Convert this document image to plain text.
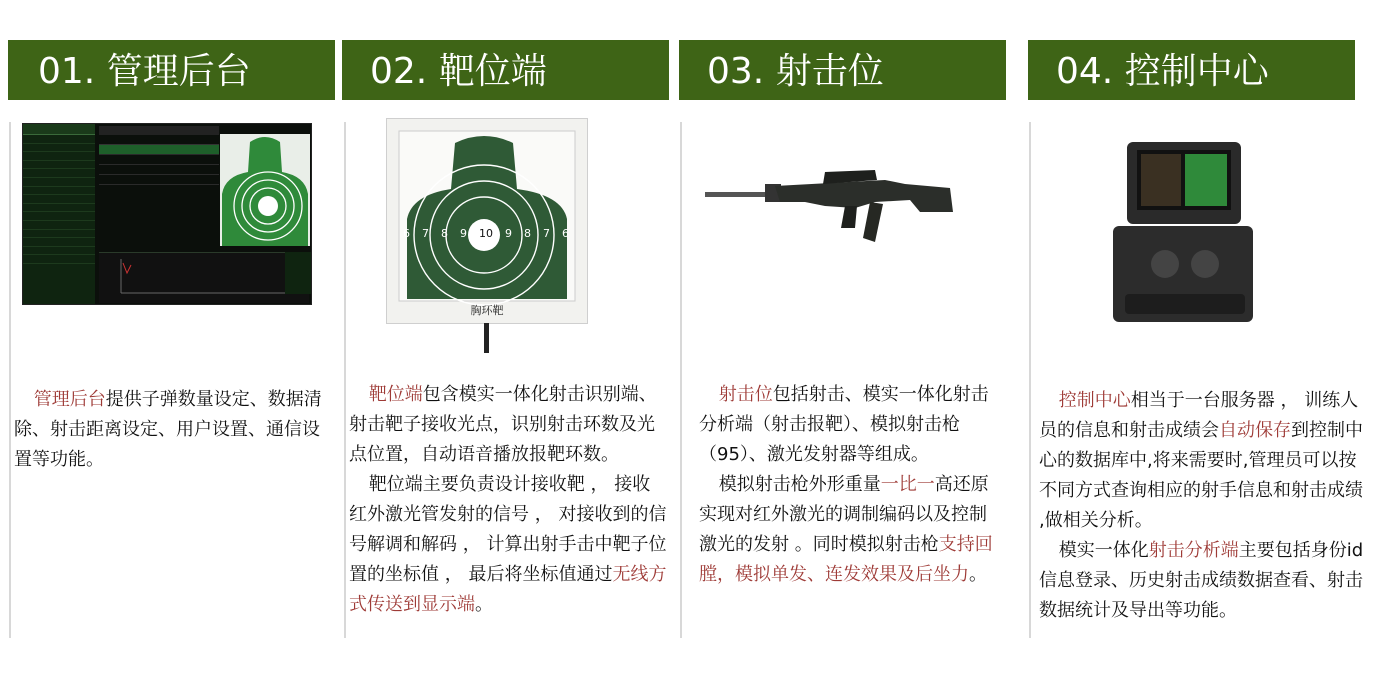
01. 管理后台	02. 靶位端	03. 射击位	04. 控制中心
6 7 8 9 10 9 8 7 6
胸环靶

管理后台提供子弹数量设定、数据清除、射击距离设定、用户设置、通信设置等功能。

靶位端包含模实一体化射击识别端、射击靶子接收光点，识别射击环数及光点位置，自动语音播放报靶环数。

靶位端主要负责设计接收靶 ， 接收红外激光管发射的信号 ， 对接收到的信号解调和解码 ， 计算出射手击中靶子位置的坐标值 ， 最后将坐标值通过无线方式传送到显示端。

射击位包括射击、模实一体化射击分析端（射击报靶）、模拟射击枪（95）、激光发射器等组成。

模拟射击枪外形重量一比一高还原实现对红外激光的调制编码以及控制激光的发射 。同时模拟射击枪支持回膛，模拟单发、连发效果及后坐力。

控制中心相当于一台服务器 ， 训练人员的信息和射击成绩会自动保存到控制中心的数据库中,将来需要时,管理员可以按不同方式查询相应的射手信息和射击成绩 ,做相关分析。

模实一体化射击分析端主要包括身份id信息登录、历史射击成绩数据查看、射击数据统计及导出等功能。
